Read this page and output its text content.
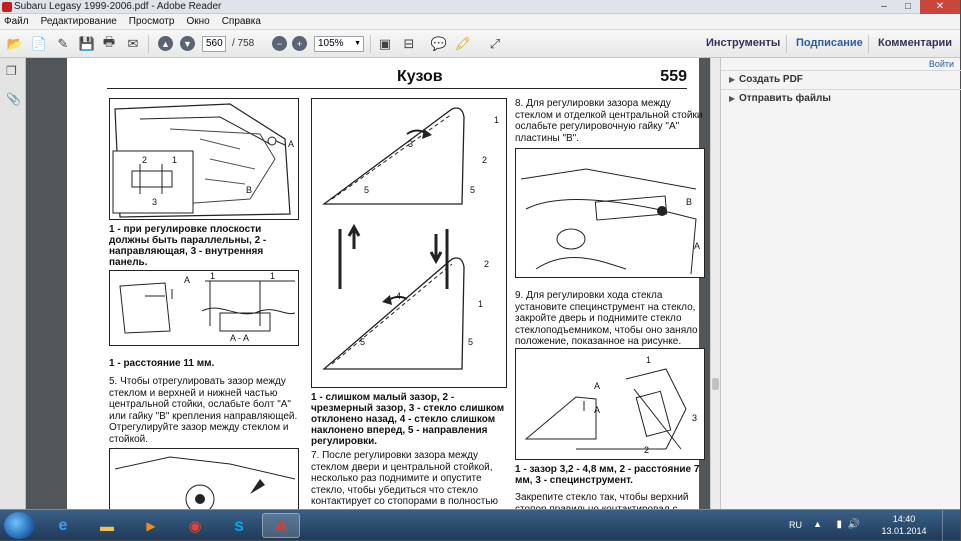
Subaru Legasy 1999-2006.pdf - Adobe Reader	–	□	✕
Файл Редактирование Просмотр Окно Справка
📂 📄 ✎ 💾 🖶 ✉	▲	▼	560 / 758	−	+	105% ▼ ▣ ⊟ 💬 🖍 ⤢	Инструменты Подписание Комментарии
❐
📎
Кузов	559
A
2	1
3
B
1 - при регулировке плоскости должны быть параллельны, 2 - направляющая, 3 - внутренняя панель.
A 1	1
A - A
1 - расстояние 11 мм.
5. Чтобы отрегулировать зазор между стеклом и верхней и нижней частью центральной стойки, ослабьте болт "A" или гайку "B" крепления направляющей. Отрегулируйте зазор между стеклом и стойкой.
1
3
2
5	5
2
4
1
5	5
1 - слишком малый зазор, 2 - чрезмерный зазор, 3 - стекло слишком отклонено назад, 4 - стекло слишком наклонено вперед, 5 - направления регулировки.
7. После регулировки зазора между стеклом двери и центральной стойкой, несколько раз поднимите и опустите стекло, чтобы убедиться что стекло контактирует со стопорами в полностью
8. Для регулировки зазора между стеклом и отделкой центральной стойки ослабьте регулировочную гайку "A" пластины "B".
B
A
9. Для регулировки хода стекла установите специнструмент на стекло, закройте дверь и поднимите стекло стеклоподъемником, чтобы оно заняло положение, показанное на рисунке.
1
A
A
3
2
1 - зазор 3,2 - 4,8 мм, 2 - расстояние 7 мм, 3 - специнструмент.
Закрепите стекло так, чтобы верхний
Войти
▶ Создать PDF
▶ Отправить файлы
e	▬	▶	◉	S	⟁	RU ▲ ▮ 🔊	14:40
13.01.2014
